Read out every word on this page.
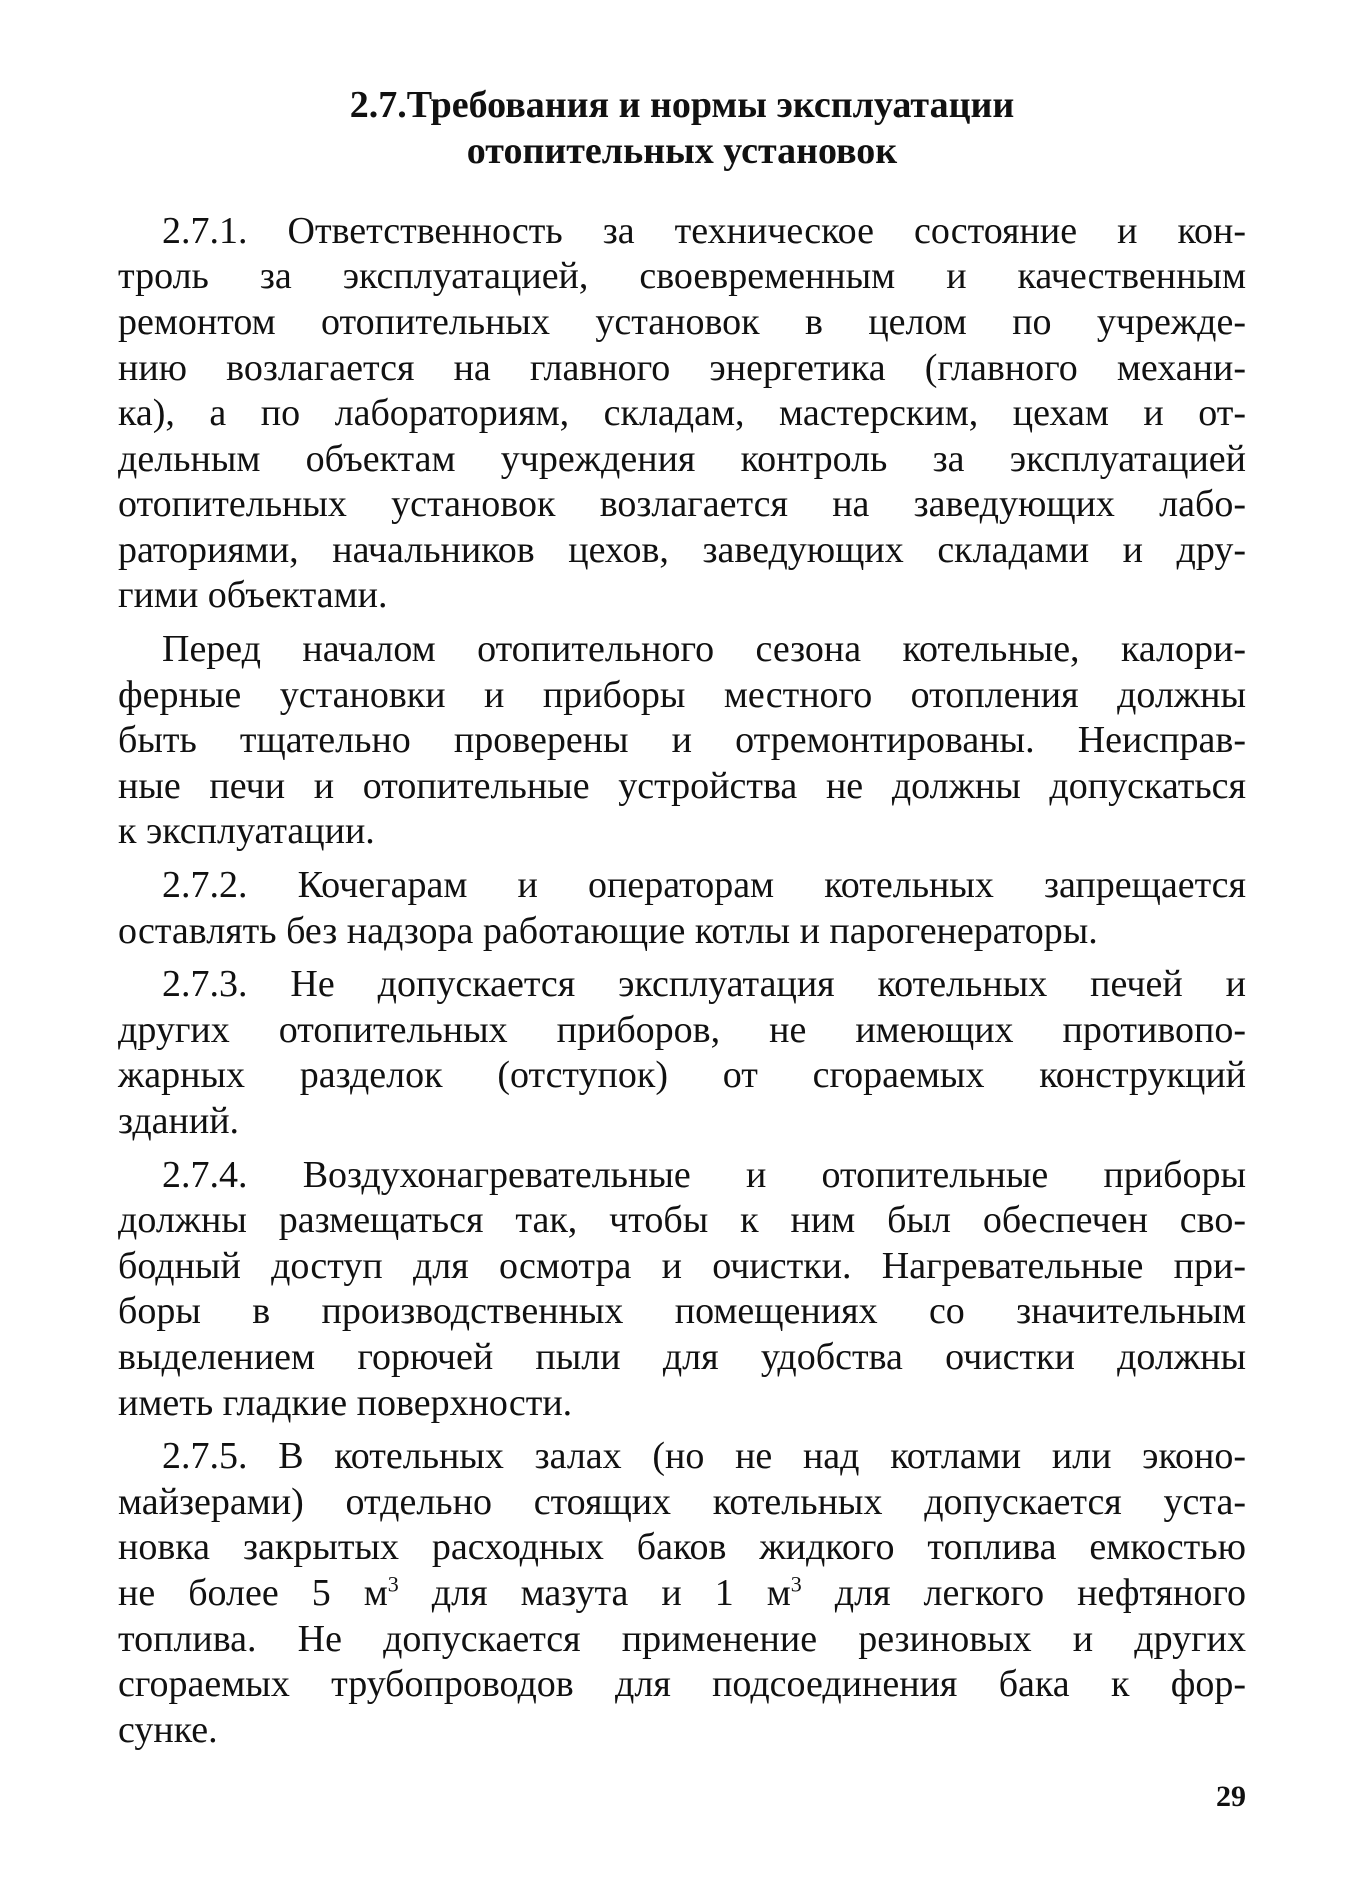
2.7.Требования и нормы эксплуатации
отопительных установок

2.7.1. Ответственность за техническое состояние и кон-
троль за эксплуатацией, своевременным и качественным
ремонтом отопительных установок в целом по учрежде-
нию возлагается на главного энергетика (главного механи-
ка), а по лабораториям, складам, мастерским, цехам и от-
дельным объектам учреждения контроль за эксплуатацией
отопительных установок возлагается на заведующих лабо-
раториями, начальников цехов, заведующих складами и дру-
гими объектами.

Перед началом отопительного сезона котельные, калори-
ферные установки и приборы местного отопления должны
быть тщательно проверены и отремонтированы. Неисправ-
ные печи и отопительные устройства не должны допускаться
к эксплуатации.

2.7.2. Кочегарам и операторам котельных запрещается
оставлять без надзора работающие котлы и парогенераторы.

2.7.3. Не допускается эксплуатация котельных печей и
других отопительных приборов, не имеющих противопо-
жарных разделок (отступок) от сгораемых конструкций
зданий.

2.7.4. Воздухонагревательные и отопительные приборы
должны размещаться так, чтобы к ним был обеспечен сво-
бодный доступ для осмотра и очистки. Нагревательные при-
боры в производственных помещениях со значительным
выделением горючей пыли для удобства очистки должны
иметь гладкие поверхности.

2.7.5. В котельных залах (но не над котлами или эконо-
майзерами) отдельно стоящих котельных допускается уста-
новка закрытых расходных баков жидкого топлива емкостью
не более 5 $м^3$ для мазута и 1 $м^3$ для легкого нефтяного
топлива. Не допускается применение резиновых и других
сгораемых трубопроводов для подсоединения бака к фор-
сунке.

29
